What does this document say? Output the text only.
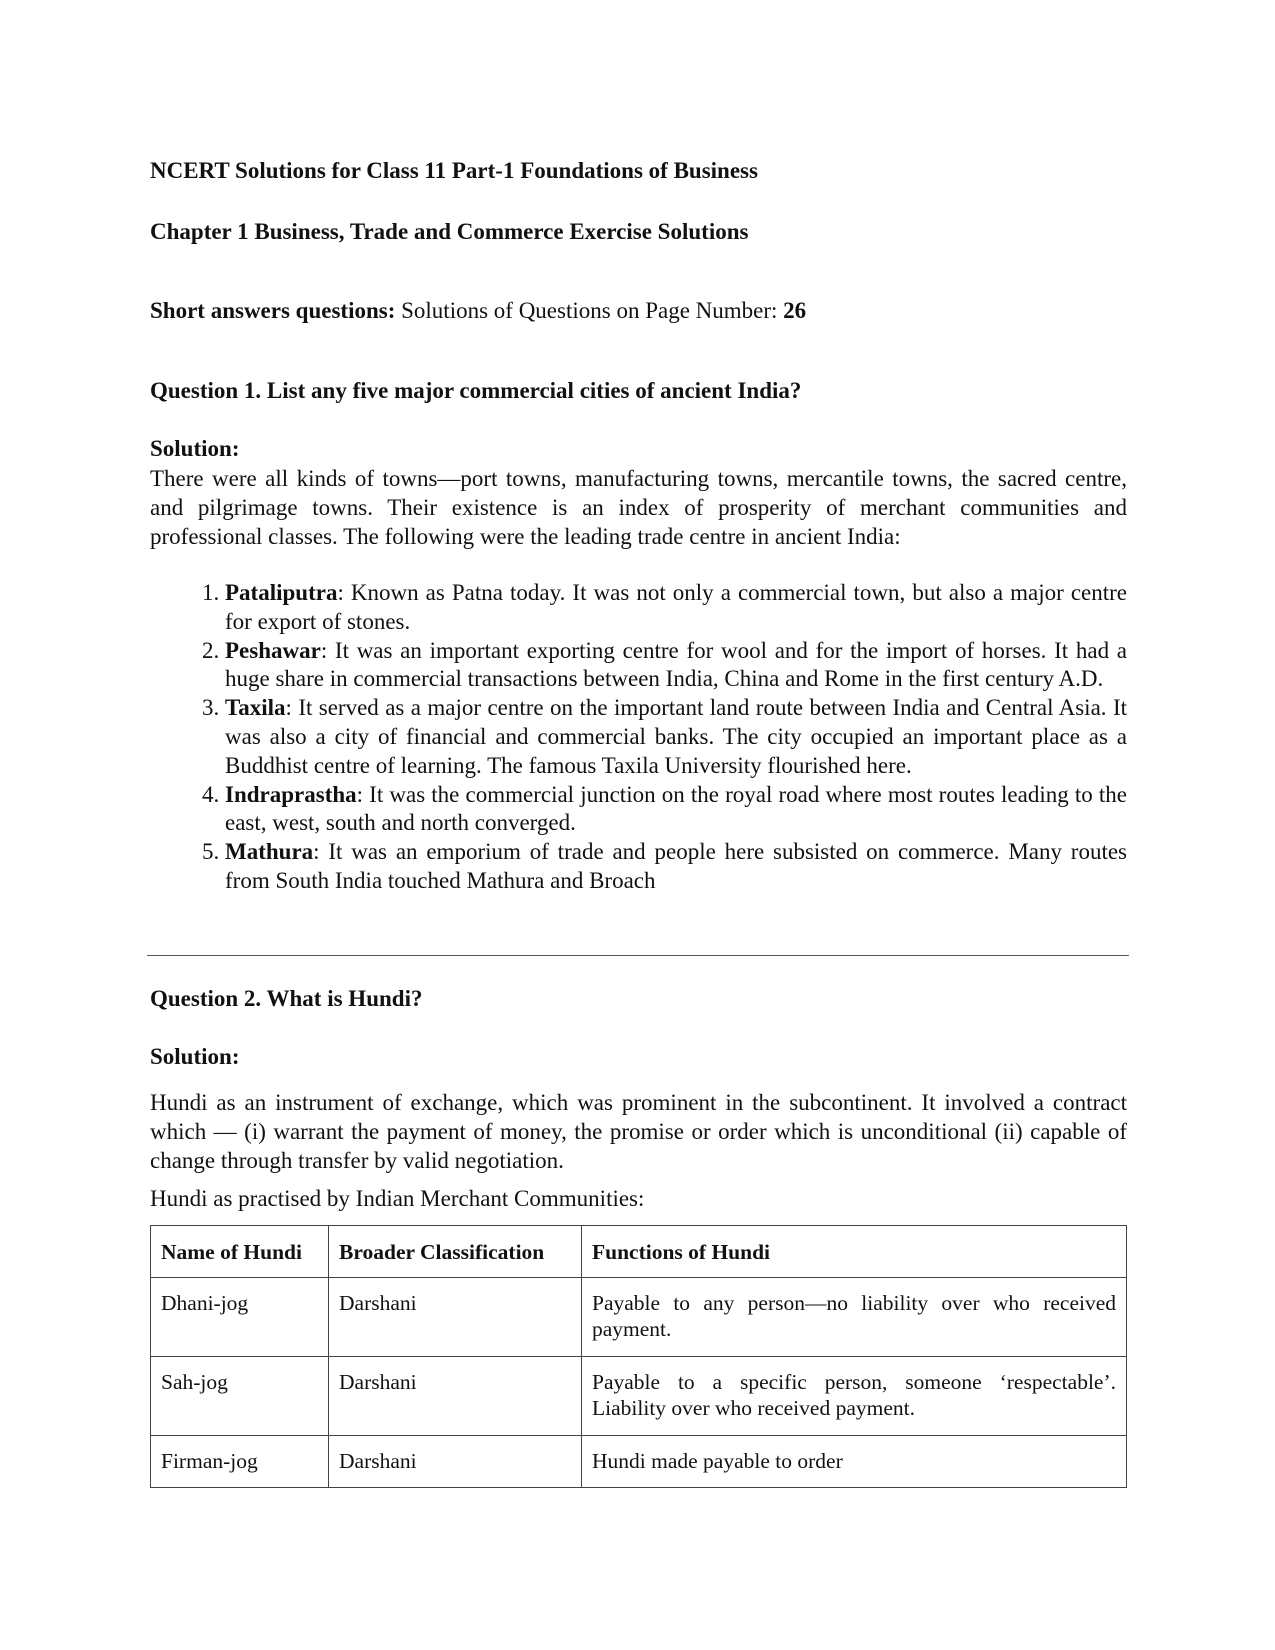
NCERT Solutions for Class 11 Part-1 Foundations of Business
Chapter 1 Business, Trade and Commerce Exercise Solutions
Short answers questions: Solutions of Questions on Page Number: 26
Question 1. List any five major commercial cities of ancient India?
Solution:
There were all kinds of towns—port towns, manufacturing towns, mercantile towns, the sacred centre, and pilgrimage towns. Their existence is an index of prosperity of merchant communities and professional classes. The following were the leading trade centre in ancient India:
1. Pataliputra: Known as Patna today. It was not only a commercial town, but also a major centre for export of stones.
2. Peshawar: It was an important exporting centre for wool and for the import of horses. It had a huge share in commercial transactions between India, China and Rome in the first century A.D.
3. Taxila: It served as a major centre on the important land route between India and Central Asia. It was also a city of financial and commercial banks. The city occupied an important place as a Buddhist centre of learning. The famous Taxila University flourished here.
4. Indraprastha: It was the commercial junction on the royal road where most routes leading to the east, west, south and north converged.
5. Mathura: It was an emporium of trade and people here subsisted on commerce. Many routes from South India touched Mathura and Broach
Question 2. What is Hundi?
Solution:
Hundi as an instrument of exchange, which was prominent in the subcontinent. It involved a contract which — (i) warrant the payment of money, the promise or order which is unconditional (ii) capable of change through transfer by valid negotiation.
Hundi as practised by Indian Merchant Communities:
Name of Hundi	Broader Classification	Functions of Hundi
Dhani-jog	Darshani	Payable to any person—no liability over who received payment.
Sah-jog	Darshani	Payable to a specific person, someone ‘respectable’. Liability over who received payment.
Firman-jog	Darshani	Hundi made payable to order
